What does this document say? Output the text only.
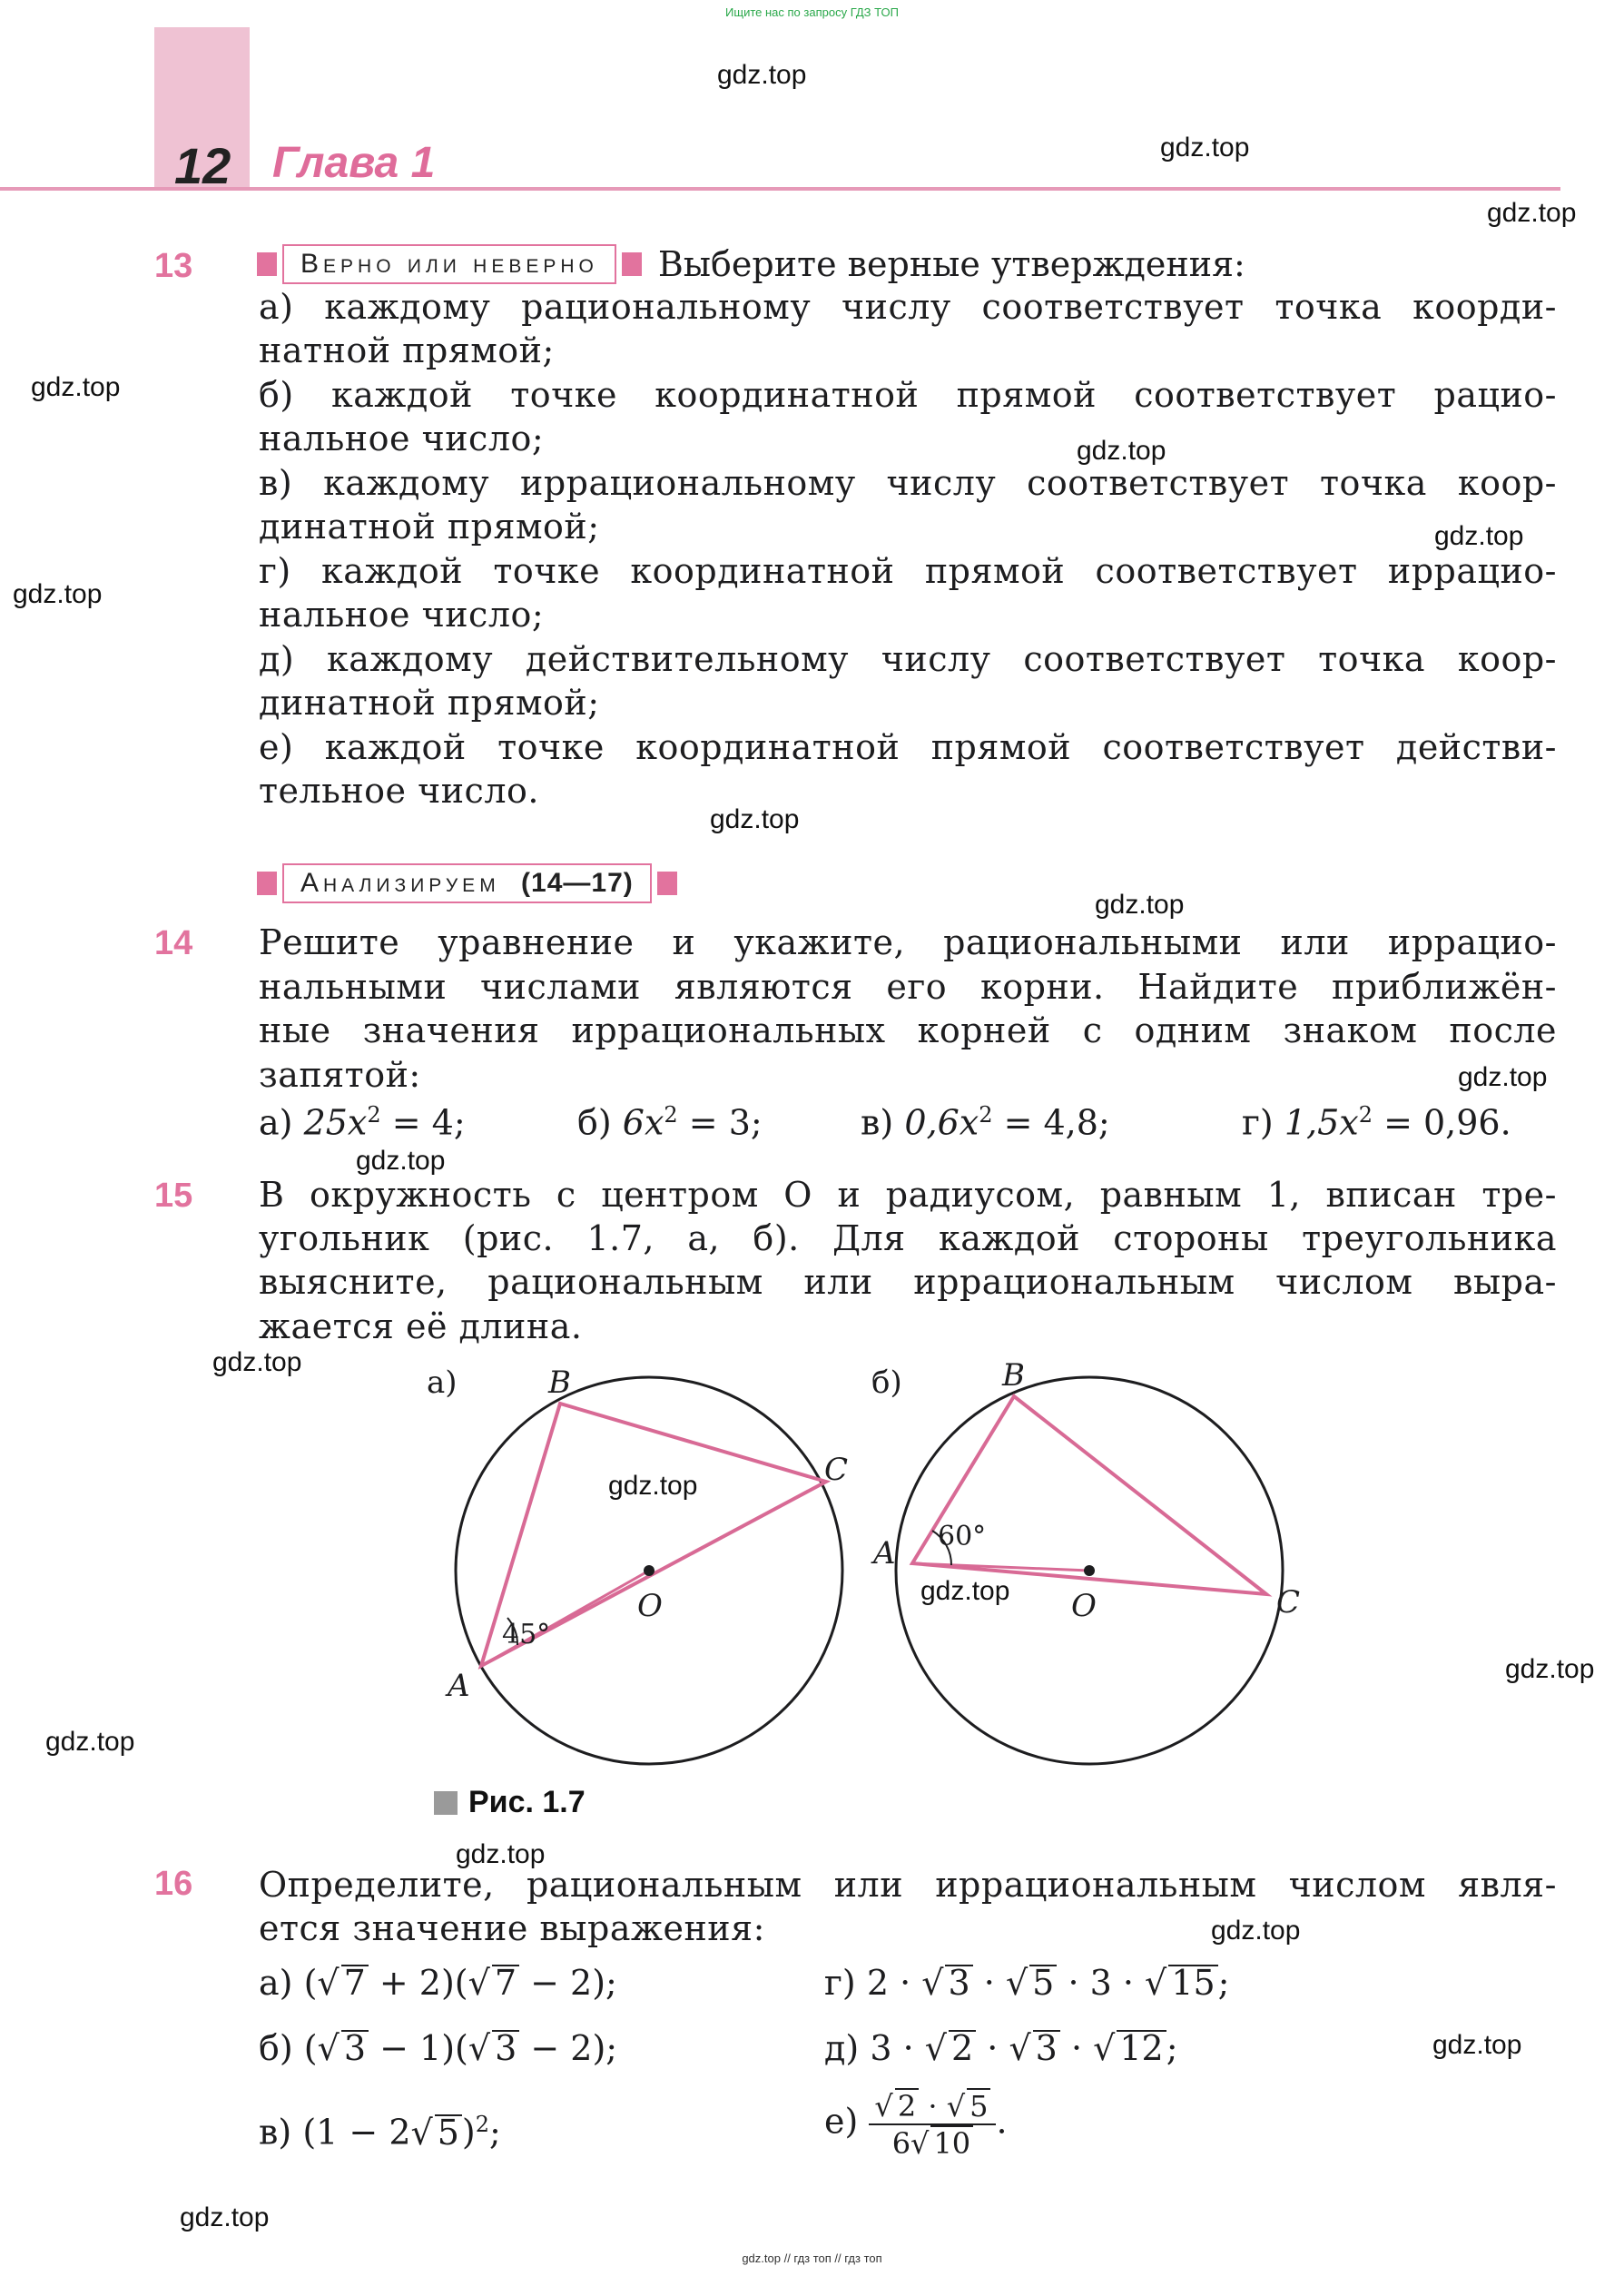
Ищите нас по запросу ГДЗ ТОП
12 Глава 1
gdz.top
gdz.top
gdz.top
gdz.top
gdz.top
gdz.top
gdz.top
gdz.top
gdz.top
gdz.top
gdz.top
gdz.top
gdz.top
gdz.top
gdz.top
gdz.top
gdz.top
gdz.top
gdz.top
gdz.top
13	Верно или неверно	Выберите верные утверждения:
а) каждому рациональному числу соответствует точка коорди-
натной прямой;
б) каждой точке координатной прямой соответствует рацио-
нальное число;
в) каждому иррациональному числу соответствует точка коор-
динатной прямой;
г) каждой точке координатной прямой соответствует иррацио-
нальное число;
д) каждому действительному числу соответствует точка коор-
динатной прямой;
е) каждой точке координатной прямой соответствует действи-
тельное число.
Анализируем (14—17)
14 Решите уравнение и укажите, рациональными или иррацио-
нальными числами являются его корни. Найдите приближён-
ные значения иррациональных корней с одним знаком после
запятой:
а) $25x^2 = 4$;	б) $6x^2 = 3$;	в) $0,6x^2 = 4,8$;	г) $1,5x^2 = 0,96$.
15 В окружность с центром O и радиусом, равным 1, вписан тре-
угольник (рис. 1.7, а, б). Для каждой стороны треугольника
выясните, рациональным или иррациональным числом выра-
жается её длина.
а)
A
B
C
O
45°
б)
A
B
C
O
60°
Рис. 1.7
16 Определите, рациональным или иррациональным числом явля-
ется значение выражения:
а) ( √ 7 + 2)( √ 7 − 2);
б) ( √ 3 − 1)( √ 3 − 2);
в) (1 − 2 √ 5)$^2$;
г) 2 · √ 3 · √ 5 · 3 · √ 15;
д) 3 · √ 2 · √ 3 · √ 12;
е) √ $\frac{2 \cdot √ 5}{6 √ 10}$ .
gdz.top // гдз топ // гдз топ
